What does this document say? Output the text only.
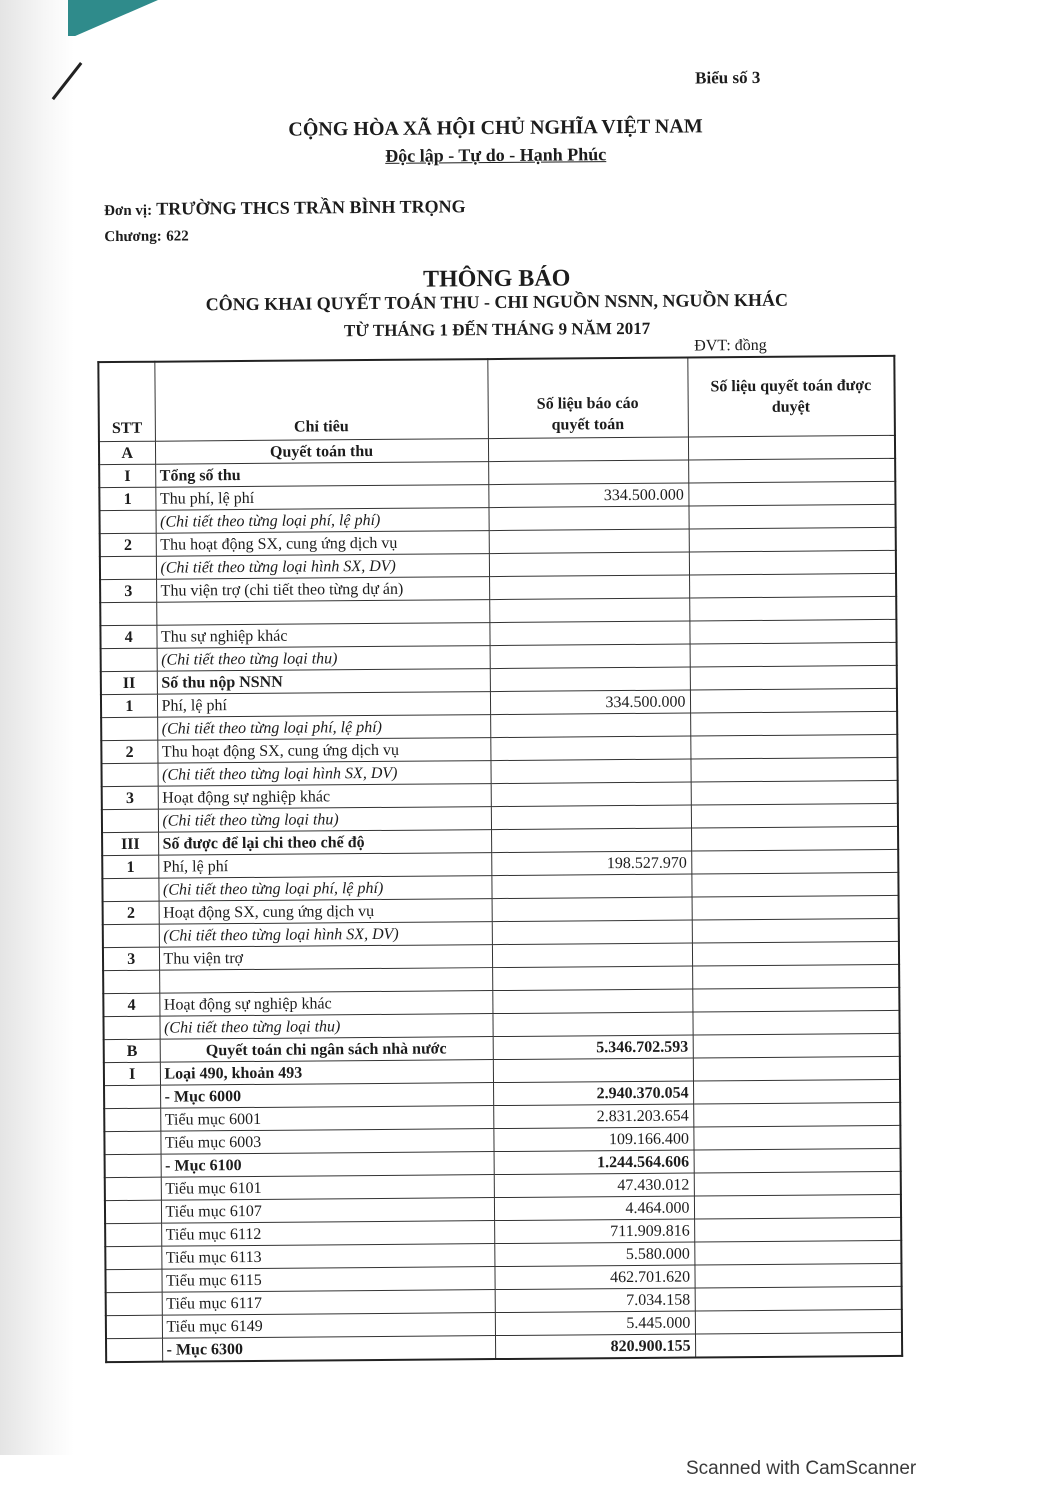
Biểu số 3
CỘNG HÒA XÃ HỘI CHỦ NGHĨA VIỆT NAM
Độc lập - Tự do - Hạnh Phúc
Đơn vị: TRƯỜNG THCS TRẦN BÌNH TRỌNG
Chương: 622
THÔNG BÁO
CÔNG KHAI QUYẾT TOÁN THU - CHI NGUỒN NSNN, NGUỒN KHÁC
TỪ THÁNG 1 ĐẾN THÁNG 9 NĂM 2017
ĐVT: đồng
STT	Chỉ tiêu	Số liệu báo cáo quyết toán	Số liệu quyết toán được duyệt
A	Quyết toán thu		
I	Tổng số thu		
1	Thu phí, lệ phí	334.500.000	
	(Chi tiết theo từng loại phí, lệ phí)		
2	Thu hoạt động SX, cung ứng dịch vụ		
	(Chi tiết theo từng loại hình SX, DV)		
3	Thu viện trợ (chi tiết theo từng dự án)		

4	Thu sự nghiệp khác		
	(Chi tiết theo từng loại thu)		
II	Số thu nộp NSNN		
1	Phí, lệ phí	334.500.000	
	(Chi tiết theo từng loại phí, lệ phí)		
2	Thu hoạt động SX, cung ứng dịch vụ		
	(Chi tiết theo từng loại hình SX, DV)		
3	Hoạt động sự nghiệp khác		
	(Chi tiết theo từng loại thu)		
III	Số được để lại chi theo chế độ		
1	Phí, lệ phí	198.527.970	
	(Chi tiết theo từng loại phí, lệ phí)		
2	Hoạt động SX, cung ứng dịch vụ		
	(Chi tiết theo từng loại hình SX, DV)		
3	Thu viện trợ		

4	Hoạt động sự nghiệp khác		
	(Chi tiết theo từng loại thu)		
B	Quyết toán chi ngân sách nhà nước	5.346.702.593	
I	Loại 490, khoản 493		
	- Mục 6000	2.940.370.054	
	Tiểu mục 6001	2.831.203.654	
	Tiểu mục 6003	109.166.400	
	- Mục 6100	1.244.564.606	
	Tiểu mục 6101	47.430.012	
	Tiểu mục 6107	4.464.000	
	Tiểu mục 6112	711.909.816	
	Tiểu mục 6113	5.580.000	
	Tiểu mục 6115	462.701.620	
	Tiểu mục 6117	7.034.158	
	Tiểu mục 6149	5.445.000	
	- Mục 6300	820.900.155	
Scanned with CamScanner
